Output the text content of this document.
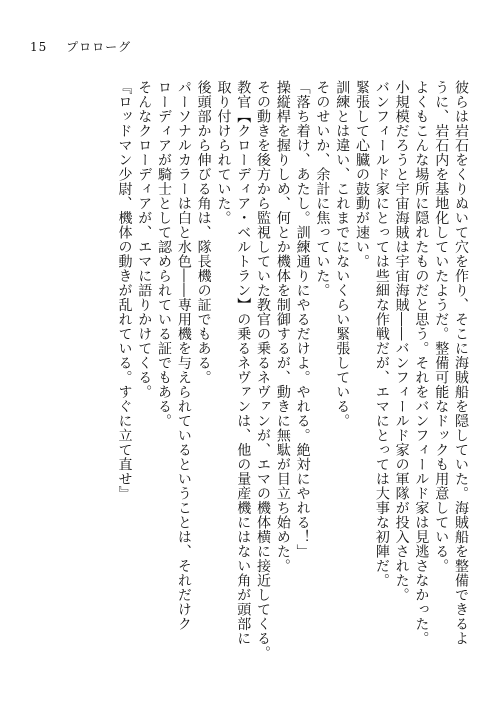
15 プロローグ

彼らは岩石をくりぬいて穴を作り、そこに海賊船を隠していた。海賊船を整備できるよ

うに、岩石内を基地化していたようだ。整備可能なドックも用意している。

よくもこんな場所に隠れたものだと思う。それをバンフィールド家は見逃さなかった。

小規模だろうと宇宙海賊は宇宙海賊――バンフィールド家の軍隊が投入された。

バンフィールド家にとっては些細な作戦だが、エマにとっては大事な初陣だ。

緊張して心臓の鼓動が速い。

訓練とは違い、これまでにないくらい緊張している。

そのせいか、余計に焦っていた。

「落ち着け、あたし。訓練通りにやるだけよ。やれる。絶対にやれる！」

操縦桿を握りしめ、何とか機体を制御するが、動きに無駄が目立ち始めた。

その動きを後方から監視していた教官の乗るネヴァンが、エマの機体横に接近してくる。

教官【クローディア・ベルトラン】の乗るネヴァンは、他の量産機にはない角が頭部に

取り付けられていた。

後頭部から伸びる角は、隊長機の証でもある。

パーソナルカラーは白と水色――専用機を与えられているということは、それだけク

ローディアが騎士として認められている証でもある。

そんなクローディアが、エマに語りかけてくる。

『ロッドマン少尉、機体の動きが乱れている。すぐに立て直せ』
